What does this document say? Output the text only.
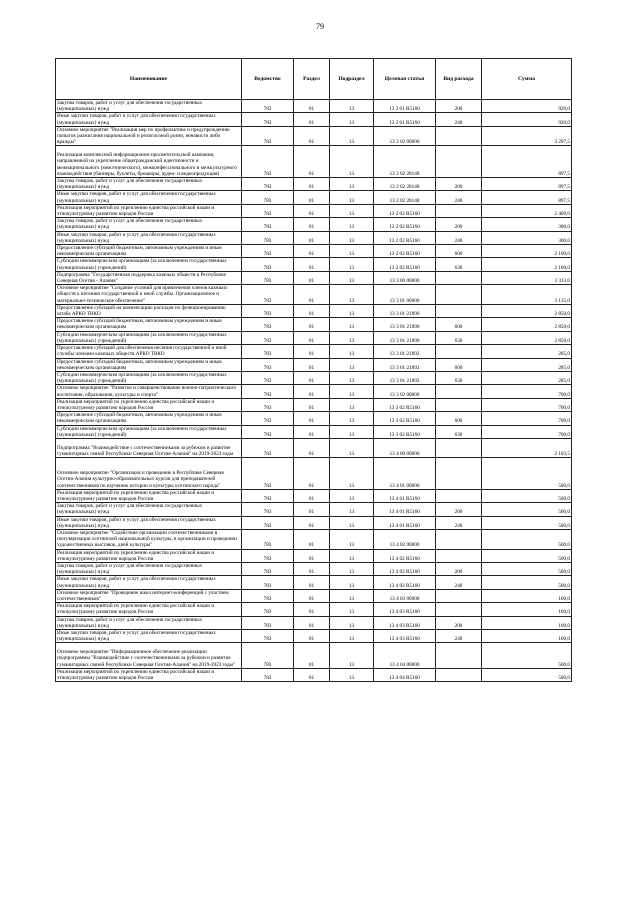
79
Наименование	Ведомство	Раздел	Подраздел	Целевая статья	Вид расхода	Сумма
Закупка товаров, работ и услуг для обеспечения государственных (муниципальных) нужд	783	01	13	13 2 01 R5160	200	920,0
Иные закупки товаров, работ и услуг для обеспечения государственных (муниципальных) нужд	783	01	13	13 2 01 R5160	240	920,0
Основное мероприятие "Реализация мер по профилактике и предупреждению попыток разжигания национальной и религиозной розни, ненависти либо вражды"	783	01	13	13 2 02 00000		3 297,5
Реализация комплексной информационно-просветительской кампании, направленной на укрепление общегражданской идентичности и межнационального (межэтнического), межконфессионального и межкультурного взаимодействия (баннеры, буклеты, брошюры, аудио- и видеопродукция)	783	01	13	13 2 02 28148		897,5
Закупка товаров, работ и услуг для обеспечения государственных (муниципальных) нужд	783	01	13	13 2 02 28148	200	897,5
Иные закупки товаров, работ и услуг для обеспечения государственных (муниципальных) нужд	783	01	13	13 2 02 28148	240	897,5
Реализация мероприятий по укреплению единства российской нации и этнокультурному развитию народов России	783	01	13	13 2 02 R5160		2 400,0
Закупка товаров, работ и услуг для обеспечения государственных (муниципальных) нужд	783	01	13	13 2 02 R5160	200	300,0
Иные закупки товаров, работ и услуг для обеспечения государственных (муниципальных) нужд	783	01	13	13 2 02 R5160	240	300,0
Предоставление субсидий бюджетным, автономным учреждениям и иным некоммерческим организациям	783	01	13	13 2 02 R5160	600	2 100,0
Субсидии некоммерческим организациям (за исключением государственных (муниципальных) учреждений)	783	01	13	13 2 02 R5160	630	2 100,0
Подпрограмма "Государственная поддержка казачьих обществ в Республике Северная Осетия - Алания"	783	01	13	13 3 00 00000		3 333,0
Основное мероприятие "Создание условий для привлечения членов казачьих обществ к несению государственной и иной службы. Организационное и материально-техническое обеспечение"	783	01	13	13 3 01 00000		3 135,0
Предоставление субсидий на компенсацию расходов по функционированию штаба АРКО ТВКО	783	01	13	13 3 01 21890		2 850,0
Предоставление субсидий бюджетным, автономным учреждениям и иным некоммерческим организациям	783	01	13	13 3 01 21890	600	2 850,0
Субсидии некоммерческим организациям (за исключением государственных (муниципальных) учреждений)	783	01	13	13 3 01 21890	630	2 850,0
Предоставление субсидий для обеспечения несения государственной и иной службы членами казачьих обществ АРКО ТВКО	783	01	13	13 3 01 21892		285,0
Предоставление субсидий бюджетным, автономным учреждениям и иным некоммерческим организациям	783	01	13	13 3 01 21892	600	285,0
Субсидии некоммерческим организациям (за исключением государственных (муниципальных) учреждений)	783	01	13	13 3 01 21892	630	285,0
Основное мероприятие "Развитие и совершенствование военно-патриотического воспитания, образования, культуры и спорта"	783	01	13	13 3 02 00000		700,0
Реализация мероприятий по укреплению единства российской нации и этнокультурному развитию народов России	783	01	13	13 3 02 R5160		700,0
Предоставление субсидий бюджетным, автономным учреждениям и иным некоммерческим организациям	783	01	13	13 3 02 R5160	600	700,0
Субсидии некоммерческим организациям (за исключением государственных (муниципальных) учреждений)	783	01	13	13 3 02 R5160	630	700,0
Подпрограмма "Взаимодействие с соотечественниками за рубежом и развитие гуманитарных связей Республики Северная Осетия-Алания" на 2019-2023 годы	783	01	13	13 4 00 00000		2 103,5
Основное мероприятие "Организация и проведение в Республике Северная Осетия-Алания культурно-образовательных курсов для преподавателей соотечественников по изучению истории и культуры осетинского народа"	783	01	13	13 4 01 00000		500,0
Реализация мероприятий по укреплению единства российской нации и этнокультурному развитию народов России	783	01	13	13 4 01 R5160		500,0
Закупка товаров, работ и услуг для обеспечения государственных (муниципальных) нужд	783	01	13	13 4 01 R5160	200	500,0
Иные закупки товаров, работ и услуг для обеспечения государственных (муниципальных) нужд	783	01	13	13 4 01 R5160	240	500,0
Основное мероприятие "Содействие организации соотечественниками в популяризации осетинской национальной культуры, в организации и проведении художественных выставок, дней культуры"	783	01	13	13 4 02 00000		500,0
Реализация мероприятий по укреплению единства российской нации и этнокультурному развитию народов России	783	01	13	13 4 02 R5160		500,0
Закупка товаров, работ и услуг для обеспечения государственных (муниципальных) нужд	783	01	13	13 4 02 R5160	200	500,0
Иные закупки товаров, работ и услуг для обеспечения государственных (муниципальных) нужд	783	01	13	13 4 02 R5160	240	500,0
Основное мероприятие "Проведение школ интернет-конференций с участием соотечественников"	783	01	13	13 4 03 00000		100,0
Реализация мероприятий по укреплению единства российской нации и этнокультурному развитию народов России	783	01	13	13 4 03 R5160		100,0
Закупка товаров, работ и услуг для обеспечения государственных (муниципальных) нужд	783	01	13	13 4 03 R5160	200	100,0
Иные закупки товаров, работ и услуг для обеспечения государственных (муниципальных) нужд	783	01	13	13 4 03 R5160	240	100,0
Основное мероприятие "Информационное обеспечение реализации подпрограммы "Взаимодействие с соотечественниками за рубежом и развитие гуманитарных связей Республики Северная Осетия-Алания" на 2019-2023 годы"	783	01	13	13 4 04 00000		500,0
Реализация мероприятий по укреплению единства российской нации и этнокультурному развитию народов России	783	01	13	13 4 04 R5160		500,0
